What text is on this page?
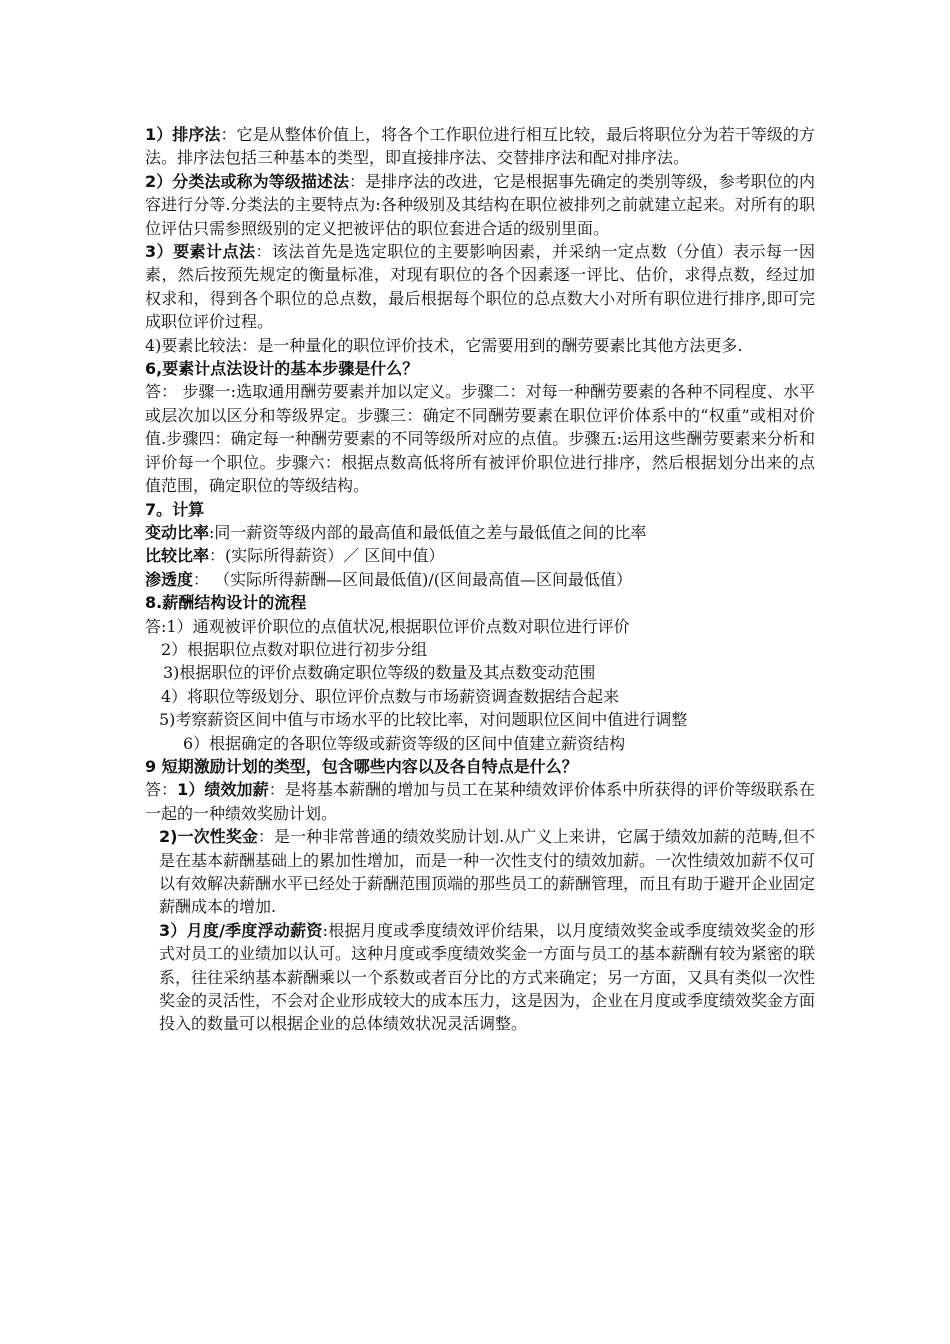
1）排序法：它是从整体价值上，将各个工作职位进行相互比较，最后将职位分为若干等级的方法。排序法包括三种基本的类型，即直接排序法、交替排序法和配对排序法。

2）分类法或称为等级描述法：是排序法的改进，它是根据事先确定的类别等级，参考职位的内容进行分等.分类法的主要特点为:各种级别及其结构在职位被排列之前就建立起来。对所有的职位评估只需参照级别的定义把被评估的职位套进合适的级别里面。

3）要素计点法：该法首先是选定职位的主要影响因素，并采纳一定点数（分值）表示每一因素，然后按预先规定的衡量标准，对现有职位的各个因素逐一评比、估价，求得点数，经过加权求和，得到各个职位的总点数，最后根据每个职位的总点数大小对所有职位进行排序,即可完成职位评价过程。

4)要素比较法：是一种量化的职位评价技术，它需要用到的酬劳要素比其他方法更多.

6,要素计点法设计的基本步骤是什么？

答： 步骤一:选取通用酬劳要素并加以定义。步骤二：对每一种酬劳要素的各种不同程度、水平或层次加以区分和等级界定。步骤三：确定不同酬劳要素在职位评价体系中的“权重”或相对价值.步骤四：确定每一种酬劳要素的不同等级所对应的点值。步骤五:运用这些酬劳要素来分析和评价每一个职位。步骤六：根据点数高低将所有被评价职位进行排序，然后根据划分出来的点值范围，确定职位的等级结构。

7。计算

变动比率:同一薪资等级内部的最高值和最低值之差与最低值之间的比率

比较比率：(实际所得薪资）／ 区间中值）

渗透度： （实际所得薪酬—区间最低值)/(区间最高值—区间最低值）

8.薪酬结构设计的流程

答:1）通观被评价职位的点值状况,根据职位评价点数对职位进行评价

2）根据职位点数对职位进行初步分组

3)根据职位的评价点数确定职位等级的数量及其点数变动范围

4）将职位等级划分、职位评价点数与市场薪资调查数据结合起来

5)考察薪资区间中值与市场水平的比较比率，对问题职位区间中值进行调整

6）根据确定的各职位等级或薪资等级的区间中值建立薪资结构

9 短期激励计划的类型，包含哪些内容以及各自特点是什么？

答：1）绩效加薪：是将基本薪酬的增加与员工在某种绩效评价体系中所获得的评价等级联系在一起的一种绩效奖励计划。

2)一次性奖金：是一种非常普通的绩效奖励计划.从广义上来讲，它属于绩效加薪的范畴,但不是在基本薪酬基础上的累加性增加，而是一种一次性支付的绩效加薪。一次性绩效加薪不仅可以有效解决薪酬水平已经处于薪酬范围顶端的那些员工的薪酬管理，而且有助于避开企业固定薪酬成本的增加.

3）月度/季度浮动薪资:根据月度或季度绩效评价结果，以月度绩效奖金或季度绩效奖金的形式对员工的业绩加以认可。这种月度或季度绩效奖金一方面与员工的基本薪酬有较为紧密的联系，往往采纳基本薪酬乘以一个系数或者百分比的方式来确定；另一方面，又具有类似一次性奖金的灵活性，不会对企业形成较大的成本压力，这是因为，企业在月度或季度绩效奖金方面投入的数量可以根据企业的总体绩效状况灵活调整。
